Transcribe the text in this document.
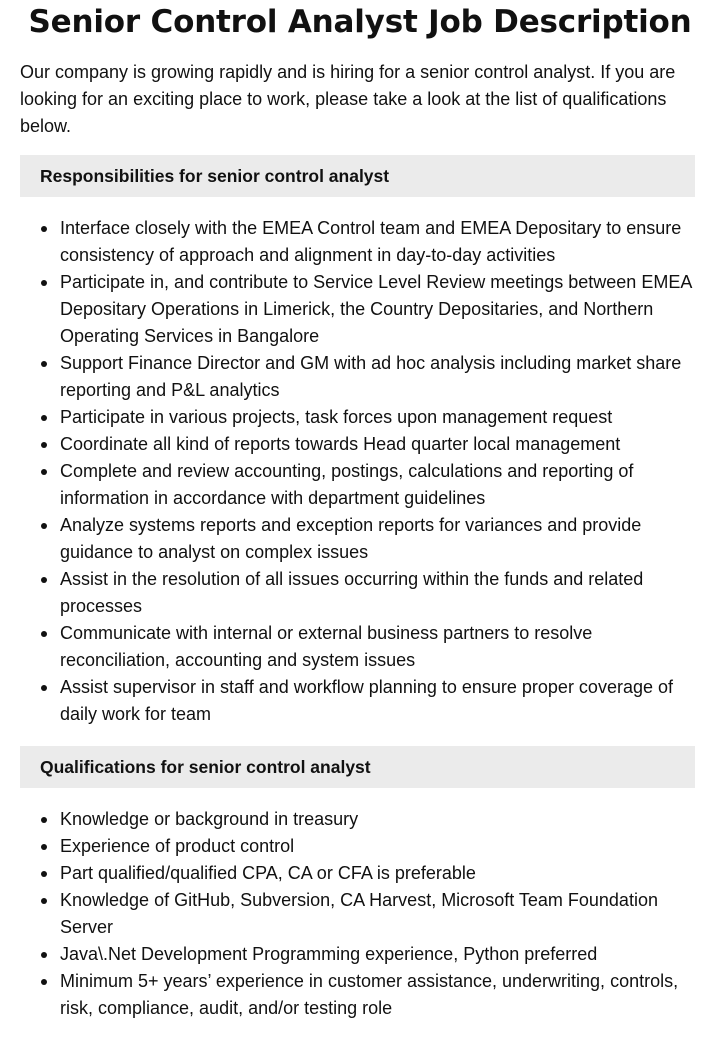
Senior Control Analyst Job Description

Our company is growing rapidly and is hiring for a senior control analyst. If you are looking for an exciting place to work, please take a look at the list of qualifications below.

Responsibilities for senior control analyst
Interface closely with the EMEA Control team and EMEA Depositary to ensure consistency of approach and alignment in day-to-day activities
Participate in, and contribute to Service Level Review meetings between EMEA Depositary Operations in Limerick, the Country Depositaries, and Northern Operating Services in Bangalore
Support Finance Director and GM with ad hoc analysis including market share reporting and P&L analytics
Participate in various projects, task forces upon management request
Coordinate all kind of reports towards Head quarter local management
Complete and review accounting, postings, calculations and reporting of information in accordance with department guidelines
Analyze systems reports and exception reports for variances and provide guidance to analyst on complex issues
Assist in the resolution of all issues occurring within the funds and related processes
Communicate with internal or external business partners to resolve reconciliation, accounting and system issues
Assist supervisor in staff and workflow planning to ensure proper coverage of daily work for team
Qualifications for senior control analyst
Knowledge or background in treasury
Experience of product control
Part qualified/qualified CPA, CA or CFA is preferable
Knowledge of GitHub, Subversion, CA Harvest, Microsoft Team Foundation Server
Java\.Net Development Programming experience, Python preferred
Minimum 5+ years’ experience in customer assistance, underwriting, controls, risk, compliance, audit, and/or testing role
